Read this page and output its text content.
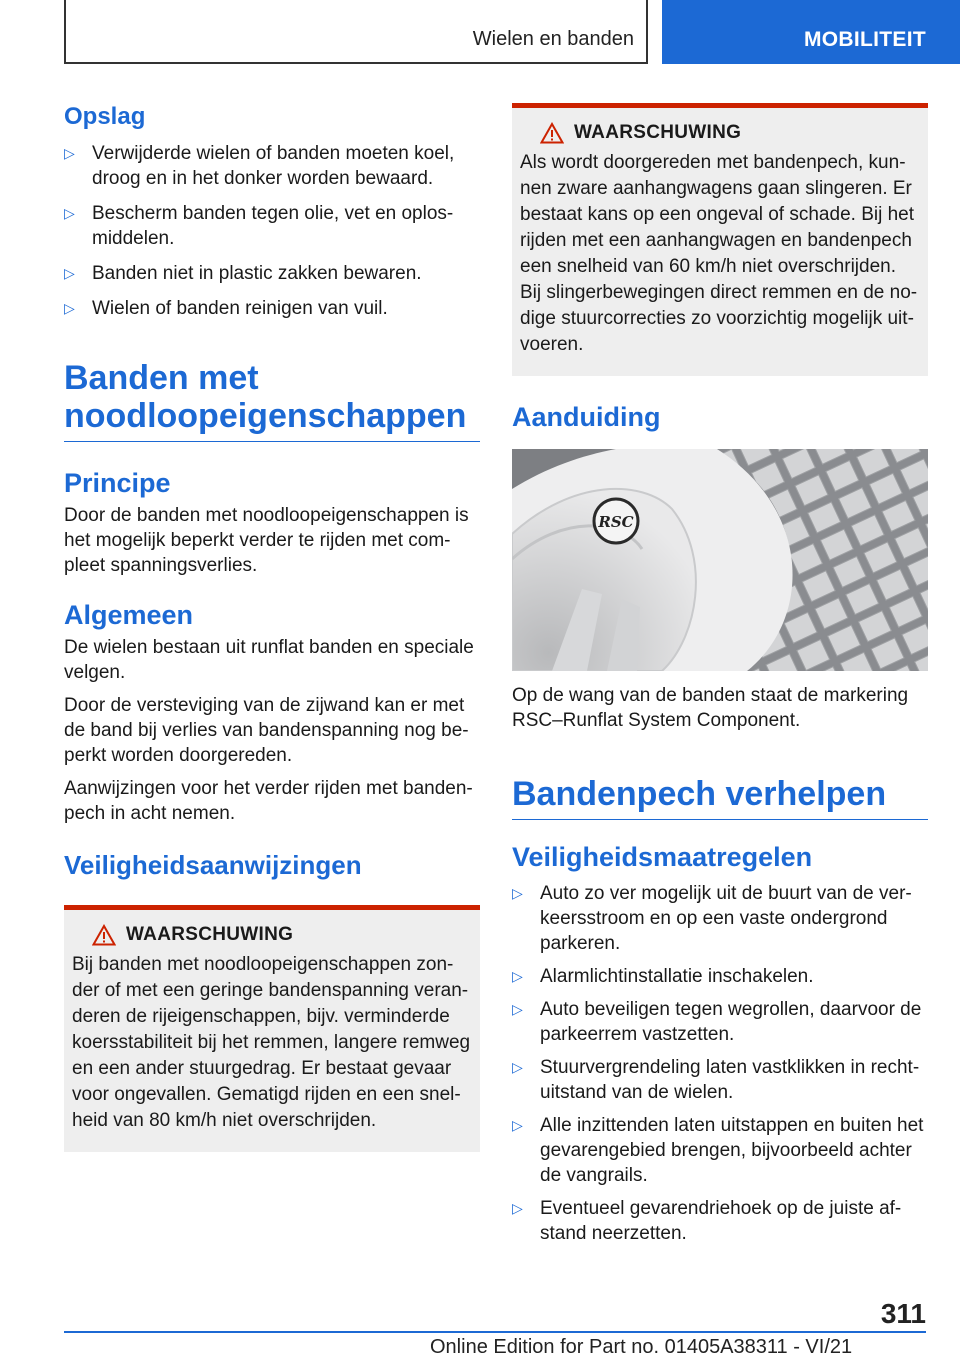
Wielen en banden	MOBILITEIT
Opslag
▷ Verwijderde wielen of banden moeten koel, droog en in het donker worden bewaard.
▷ Bescherm banden tegen olie, vet en oplosmiddelen.
▷ Banden niet in plastic zakken bewaren.
▷ Wielen of banden reinigen van vuil.
Banden met noodloopeigenschappen
Principe

Door de banden met noodloopeigenschappen is het mogelijk beperkt verder te rijden met compleet spanningsverlies.

Algemeen

De wielen bestaan uit runflat banden en speciale velgen.

Door de versteviging van de zijwand kan er met de band bij verlies van bandenspanning nog beperkt worden doorgereden.

Aanwijzingen voor het verder rijden met bandenpech in acht nemen.

Veiligheidsaanwijzingen
WAARSCHUWING

Bij banden met noodloopeigenschappen zonder of met een geringe bandenspanning veranderen de rijeigenschappen, bijv. verminderde koersstabiliteit bij het remmen, langere remweg en een ander stuurgedrag. Er bestaat gevaar voor ongevallen. Gematigd rijden en een snelheid van 80 km/h niet overschrijden.

WAARSCHUWING

Als wordt doorgereden met bandenpech, kunnen zware aanhangwagens gaan slingeren. Er bestaat kans op een ongeval of schade. Bij het rijden met een aanhangwagen en bandenpech een snelheid van 60 km/h niet overschrijden. Bij slingerbewegingen direct remmen en de nodige stuurcorrecties zo voorzichtig mogelijk uitvoeren.

Aanduiding
RSC

Op de wang van de banden staat de markering RSC–Runflat System Component.

Bandenpech verhelpen
Veiligheidsmaatregelen
▷ Auto zo ver mogelijk uit de buurt van de verkeersstroom en op een vaste ondergrond parkeren.
▷ Alarmlichtinstallatie inschakelen.
▷ Auto beveiligen tegen wegrollen, daarvoor de parkeerrem vastzetten.
▷ Stuurvergrendeling laten vastklikken in rechtuitstand van de wielen.
▷ Alle inzittenden laten uitstappen en buiten het gevarengebied brengen, bijvoorbeeld achter de vangrails.
▷ Eventueel gevarendriehoek op de juiste afstand neerzetten.
311
Online Edition for Part no. 01405A38311 - VI/21
